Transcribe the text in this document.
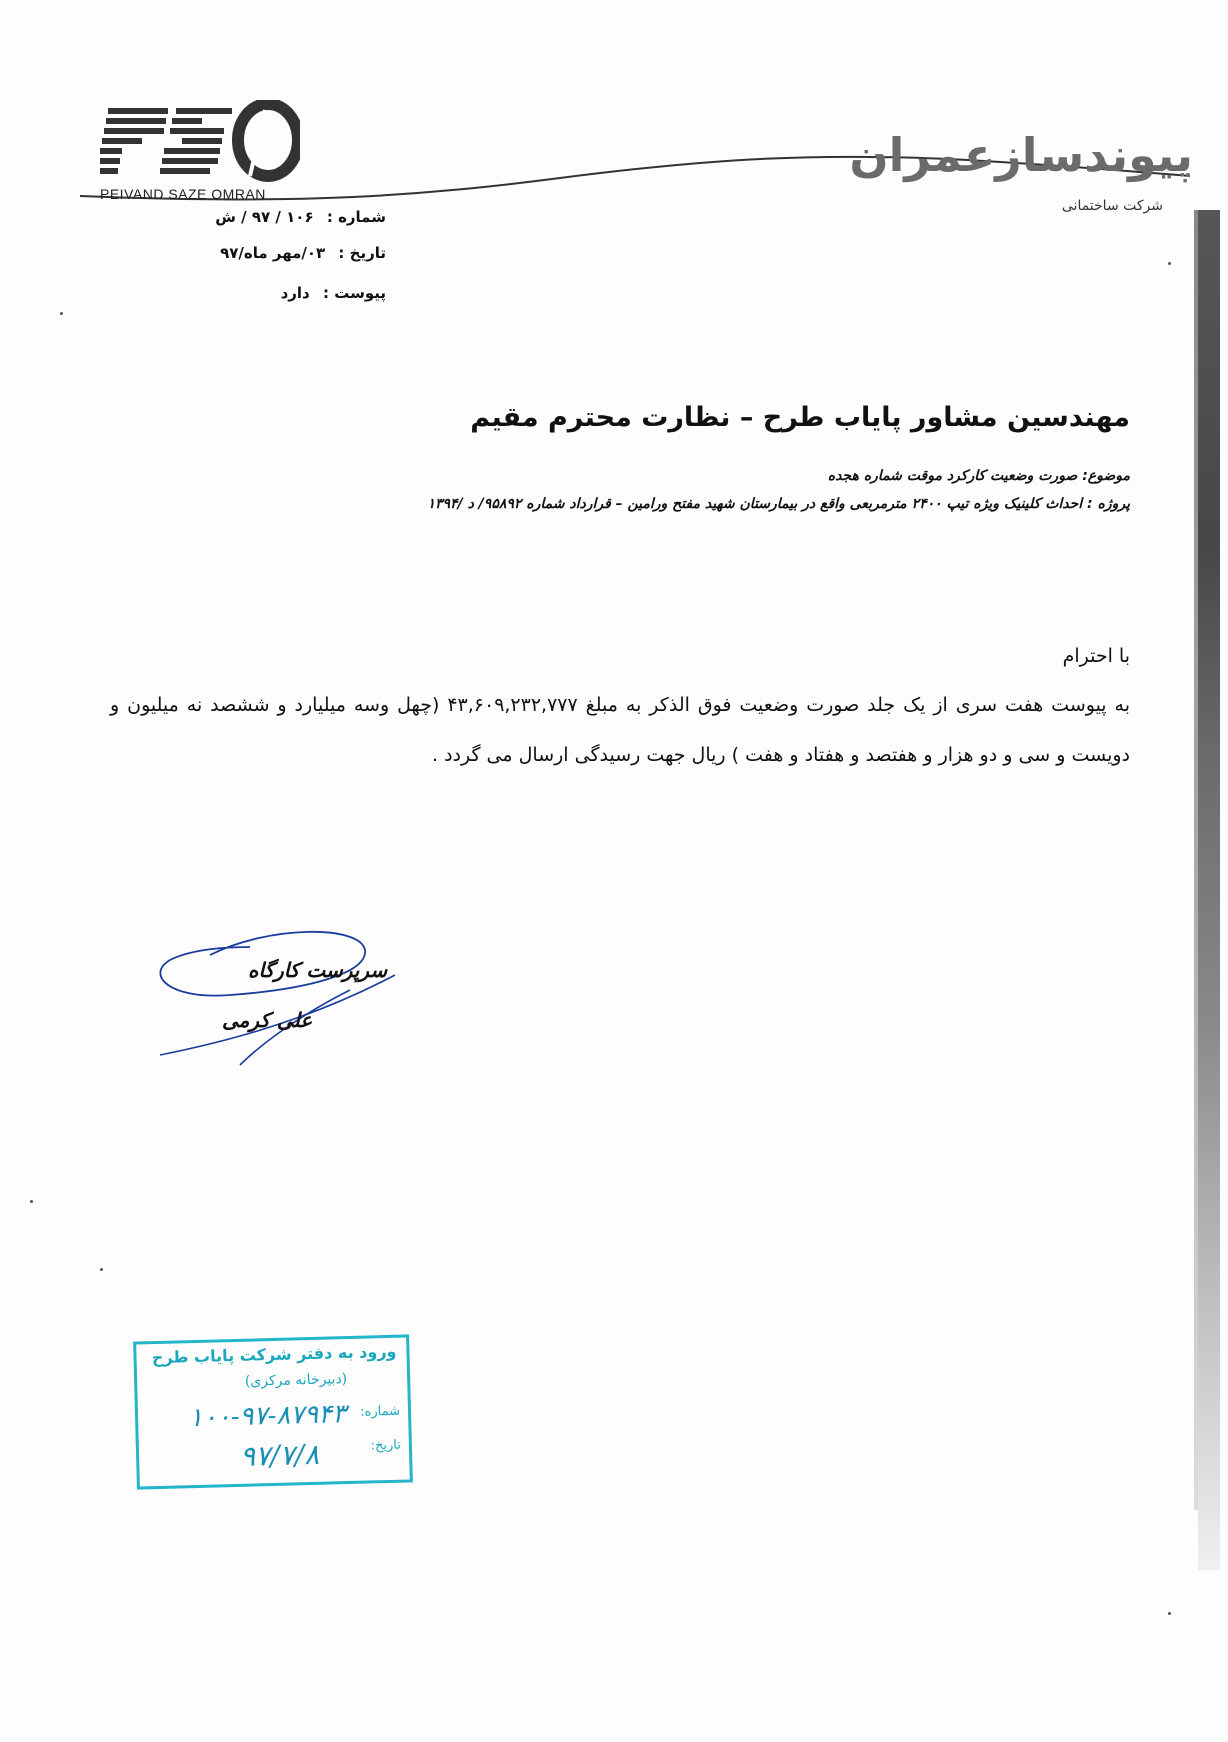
PEIVAND SAZE OMRAN
پیوندسازعمران
شرکت ساختمانی
شماره : ۱۰۶ / ۹۷ / ش
تاریخ : ۰۳/مهر ماه/۹۷
پیوست : دارد
مهندسین مشاور پایاب طرح – نظارت محترم مقیم
موضوع: صورت وضعیت کارکرد موقت شماره هجده
پروژه : احداث کلینیک ویژه تیپ ۲۴۰۰ مترمربعی واقع در بیمارستان شهید مفتح ورامین – قرارداد شماره ۹۵۸۹۲/ د /۱۳۹۴
با احترام
به پیوست هفت سری از یک جلد صورت وضعیت فوق الذکر به مبلغ ۴۳,۶۰۹,۲۳۲,۷۷۷ (چهل وسه میلیارد و ششصد نه میلیون و دویست و سی و دو هزار و هفتصد و هفتاد و هفت ) ریال جهت رسیدگی ارسال می گردد .
سرپرست کارگاه
علی کرمی
ورود به دفتر شرکت پایاب طرح
(دبیرخانه مرکزی)
شماره:
تاریخ:
۱۰۰-۹۷-۸۷۹۴۳
۹۷/۷/۸
